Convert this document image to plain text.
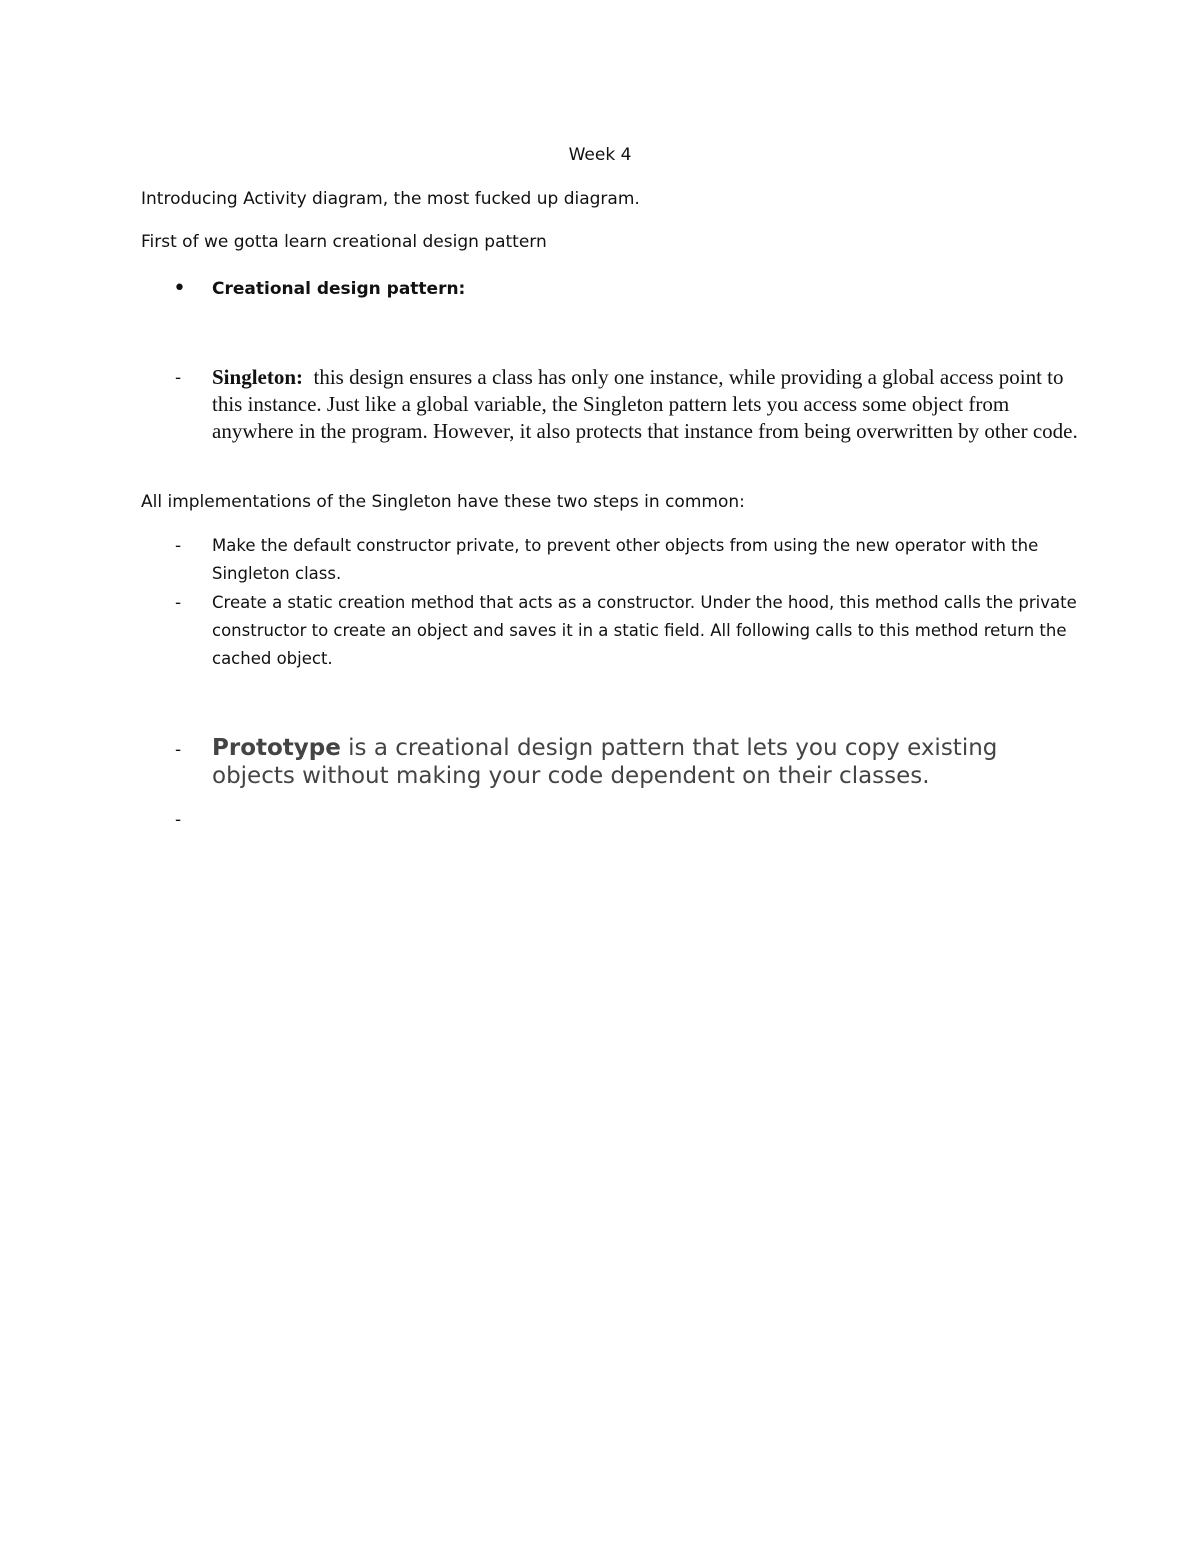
Week 4

Introducing Activity diagram, the most fucked up diagram.

First of we gotta learn creational design pattern

• Creational design pattern:

- Singleton: this design ensures a class has only one instance, while providing a global access point to this instance. Just like a global variable, the Singleton pattern lets you access some object from anywhere in the program. However, it also protects that instance from being overwritten by other code.

All implementations of the Singleton have these two steps in common:

- Make the default constructor private, to prevent other objects from using the new operator with the Singleton class.

- Create a static creation method that acts as a constructor. Under the hood, this method calls the private constructor to create an object and saves it in a static field. All following calls to this method return the cached object.

- Prototype is a creational design pattern that lets you copy existing objects without making your code dependent on their classes.

-
